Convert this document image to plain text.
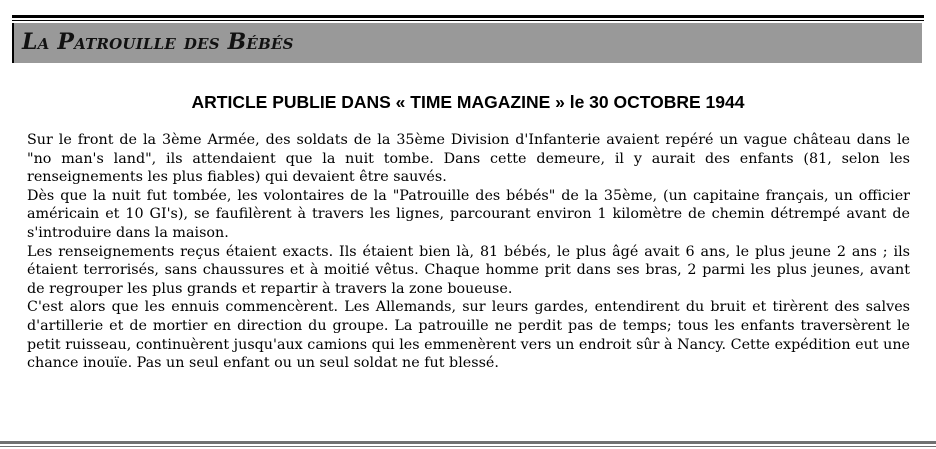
La Patrouille des Bébés
ARTICLE PUBLIE DANS « TIME MAGAZINE » le 30 OCTOBRE 1944

Sur le front de la 3ème Armée, des soldats de la 35ème Division d'Infanterie avaient repéré un vague château dans le "no man's land", ils attendaient que la nuit tombe. Dans cette demeure, il y aurait des enfants (81, selon les renseignements les plus fiables) qui devaient être sauvés.

Dès que la nuit fut tombée, les volontaires de la "Patrouille des bébés" de la 35ème, (un capitaine français, un officier américain et 10 GI's), se faufilèrent à travers les lignes, parcourant environ 1 kilomètre de chemin détrempé avant de s'introduire dans la maison.

Les renseignements reçus étaient exacts. Ils étaient bien là, 81 bébés, le plus âgé avait 6 ans, le plus jeune 2 ans ; ils étaient terrorisés, sans chaussures et à moitié vêtus. Chaque homme prit dans ses bras, 2 parmi les plus jeunes, avant de regrouper les plus grands et repartir à travers la zone boueuse.

C'est alors que les ennuis commencèrent. Les Allemands, sur leurs gardes, entendirent du bruit et tirèrent des salves d'artillerie et de mortier en direction du groupe. La patrouille ne perdit pas de temps; tous les enfants traversèrent le petit ruisseau, continuèrent jusqu'aux camions qui les emmenèrent vers un endroit sûr à Nancy. Cette expédition eut une chance inouïe. Pas un seul enfant ou un seul soldat ne fut blessé.
